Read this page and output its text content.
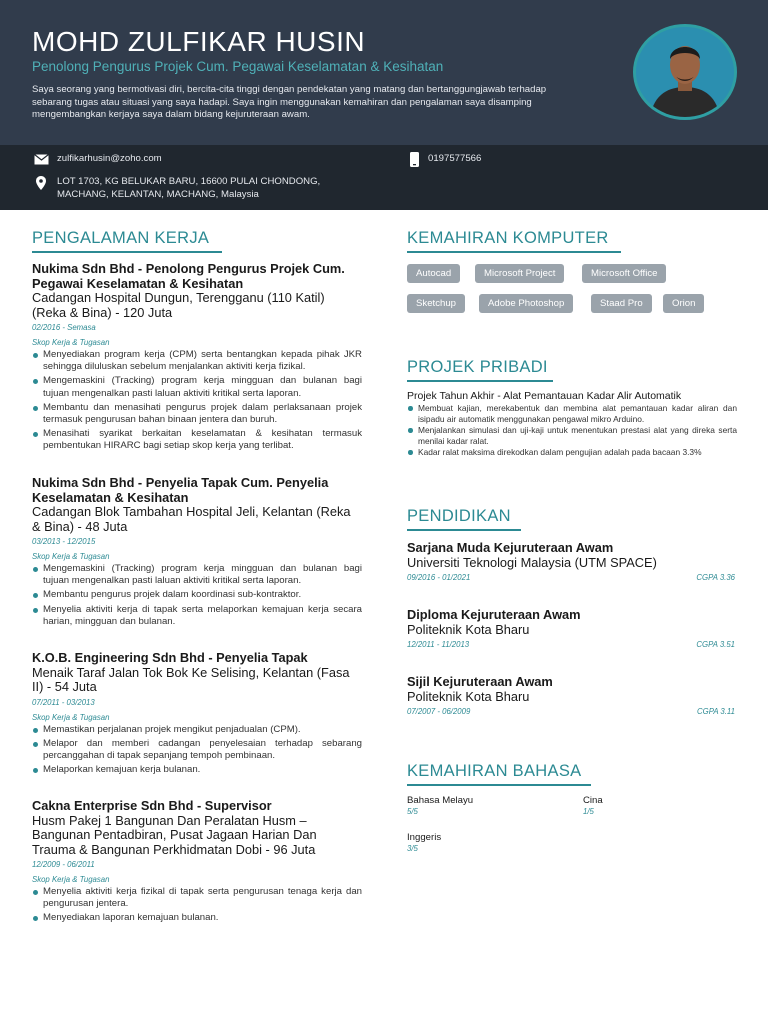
MOHD ZULFIKAR HUSIN
Penolong Pengurus Projek Cum. Pegawai Keselamatan & Kesihatan
Saya seorang yang bermotivasi diri, bercita-cita tinggi dengan pendekatan yang matang dan bertanggungjawab terhadap sebarang tugas atau situasi yang saya hadapi. Saya ingin menggunakan kemahiran dan pengalaman saya disamping mengembangkan kerjaya saya dalam bidang kejuruteraan awam.
zulfikarhusin@zoho.com	0197577566
LOT 1703, KG BELUKAR BARU, 16600 PULAI CHONDONG,
MACHANG, KELANTAN, MACHANG, Malaysia
PENGALAMAN KERJA
Nukima Sdn Bhd - Penolong Pengurus Projek Cum. Pegawai Keselamatan & Kesihatan
Cadangan Hospital Dungun, Terengganu (110 Katil) (Reka & Bina) - 120 Juta
02/2016 - Semasa
Skop Kerja & Tugasan
Menyediakan program kerja (CPM) serta bentangkan kepada pihak JKR sehingga diluluskan sebelum menjalankan aktiviti kerja fizikal.
Mengemaskini (Tracking) program kerja mingguan dan bulanan bagi tujuan mengenalkan pasti laluan aktiviti kritikal serta laporan.
Membantu dan menasihati pengurus projek dalam perlaksanaan projek termasuk pengurusan bahan binaan jentera dan buruh.
Menasihati syarikat berkaitan keselamatan & kesihatan termasuk pembentukan HIRARC bagi setiap skop kerja yang terlibat.
Nukima Sdn Bhd - Penyelia Tapak Cum. Penyelia Keselamatan & Kesihatan
Cadangan Blok Tambahan Hospital Jeli, Kelantan (Reka & Bina) - 48 Juta
03/2013 - 12/2015
Skop Kerja & Tugasan
Mengemaskini (Tracking) program kerja mingguan dan bulanan bagi tujuan mengenalkan pasti laluan aktiviti kritikal serta laporan.
Membantu pengurus projek dalam koordinasi sub-kontraktor.
Menyelia aktiviti kerja di tapak serta melaporkan kemajuan kerja secara harian, mingguan dan bulanan.
K.O.B. Engineering Sdn Bhd - Penyelia Tapak
Menaik Taraf Jalan Tok Bok Ke Selising, Kelantan (Fasa II) - 54 Juta
07/2011 - 03/2013
Skop Kerja & Tugasan
Memastikan perjalanan projek mengikut penjadualan (CPM).
Melapor dan memberi cadangan penyelesaian terhadap sebarang percanggahan di tapak sepanjang tempoh pembinaan.
Melaporkan kemajuan kerja bulanan.
Cakna Enterprise Sdn Bhd - Supervisor
Husm Pakej 1 Bangunan Dan Peralatan Husm – Bangunan Pentadbiran, Pusat Jagaan Harian Dan Trauma & Bangunan Perkhidmatan Dobi - 96 Juta
12/2009 - 06/2011
Skop Kerja & Tugasan
Menyelia aktiviti kerja fizikal di tapak serta pengurusan tenaga kerja dan pengurusan jentera.
Menyediakan laporan kemajuan bulanan.
KEMAHIRAN KOMPUTER
Autocad	Microsoft Project	Microsoft Office
Sketchup	Adobe Photoshop	Staad Pro	Orion
PROJEK PRIBADI
Projek Tahun Akhir - Alat Pemantauan Kadar Alir Automatik
Membuat kajian, merekabentuk dan membina alat pemantauan kadar aliran dan isipadu air automatik menggunakan pengawal mikro Arduino.
Menjalankan simulasi dan uji-kaji untuk menentukan prestasi alat yang direka serta menilai kadar ralat.
Kadar ralat maksima direkodkan dalam pengujian adalah pada bacaan 3.3%
PENDIDIKAN
Sarjana Muda Kejuruteraan Awam
Universiti Teknologi Malaysia (UTM SPACE)
09/2016 - 01/2021	CGPA 3.36
Diploma Kejuruteraan Awam
Politeknik Kota Bharu
12/2011 - 11/2013	CGPA 3.51
Sijil Kejuruteraan Awam
Politeknik Kota Bharu
07/2007 - 06/2009	CGPA 3.11
KEMAHIRAN BAHASA
Bahasa Melayu
5/5
Cina
1/5
Inggeris
3/5
